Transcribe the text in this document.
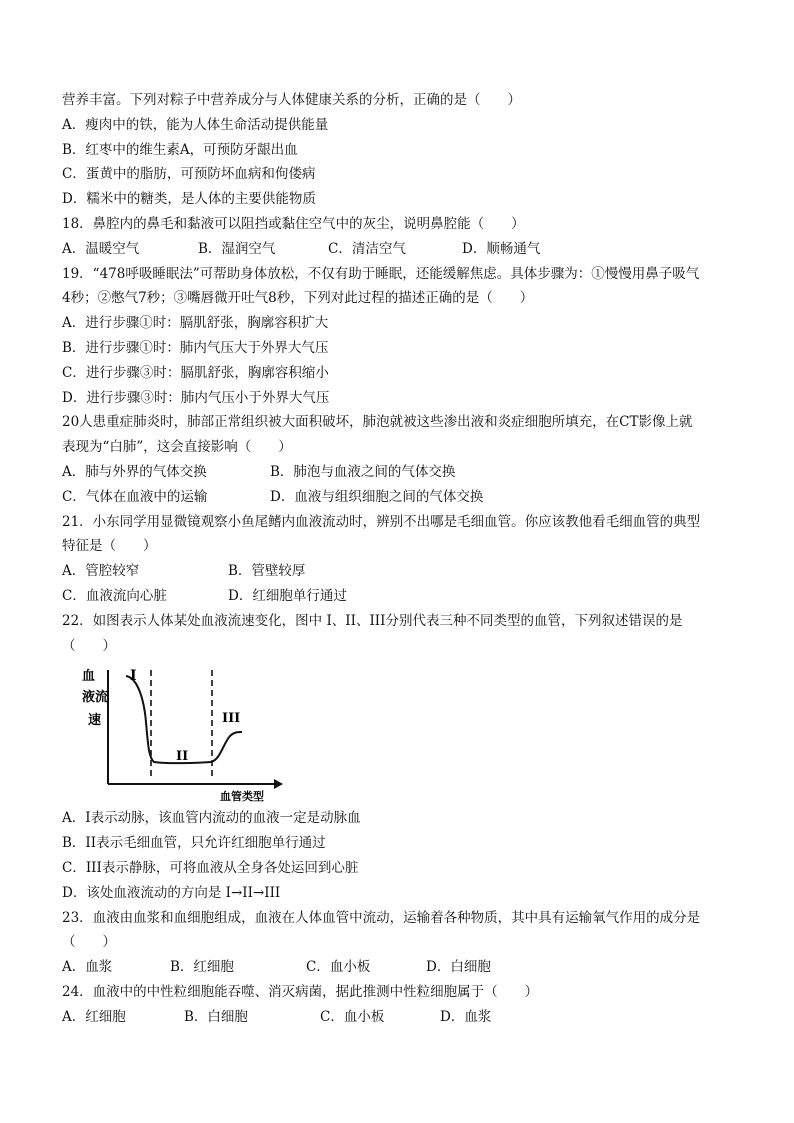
营养丰富。下列对粽子中营养成分与人体健康关系的分析，正确的是（　　）
A．瘦肉中的铁，能为人体生命活动提供能量
B．红枣中的维生素A，可预防牙龈出血
C．蛋黄中的脂肪，可预防坏血病和佝偻病
D．糯米中的糖类，是人体的主要供能物质
18．鼻腔内的鼻毛和黏液可以阻挡或黏住空气中的灰尘，说明鼻腔能（　　）
A．温暖空气	B．湿润空气	C．清洁空气	D．顺畅通气
19．“478呼吸睡眠法”可帮助身体放松，不仅有助于睡眠，还能缓解焦虑。具体步骤为：①慢慢用鼻子吸气
4秒；②憋气7秒；③嘴唇微开吐气8秒，下列对此过程的描述正确的是（　　）
A．进行步骤①时：膈肌舒张，胸廓容积扩大
B．进行步骤①时：肺内气压大于外界大气压
C．进行步骤③时：膈肌舒张，胸廓容积缩小
D．进行步骤③时：肺内气压小于外界大气压
20人患重症肺炎时，肺部正常组织被大面积破坏，肺泡就被这些渗出液和炎症细胞所填充，在CT影像上就
表现为“白肺”，这会直接影响（　　）
A．肺与外界的气体交换	B．肺泡与血液之间的气体交换
C．气体在血液中的运输	D．血液与组织细胞之间的气体交换
21．小东同学用显微镜观察小鱼尾鳍内血液流动时，辨别不出哪是毛细血管。你应该教他看毛细血管的典型
特征是（　　）
A．管腔较窄	B．管壁较厚
C．血液流向心脏	D．红细胞单行通过
22．如图表示人体某处血液流速变化，图中 I、II、III分别代表三种不同类型的血管，下列叙述错误的是
（　　）
血
液 流
速
I
II
III
血管类型
A．I表示动脉，该血管内流动的血液一定是动脉血
B．II表示毛细血管，只允许红细胞单行通过
C．III表示静脉，可将血液从全身各处运回到心脏
D．该处血液流动的方向是 I→II→III
23．血液由血浆和血细胞组成，血液在人体血管中流动，运输着各种物质，其中具有运输氧气作用的成分是
（　　）
A．血浆	B．红细胞	C．血小板	D．白细胞
24．血液中的中性粒细胞能吞噬、消灭病菌，据此推测中性粒细胞属于（　　）
A．红细胞	B．白细胞	C．血小板	D．血浆
